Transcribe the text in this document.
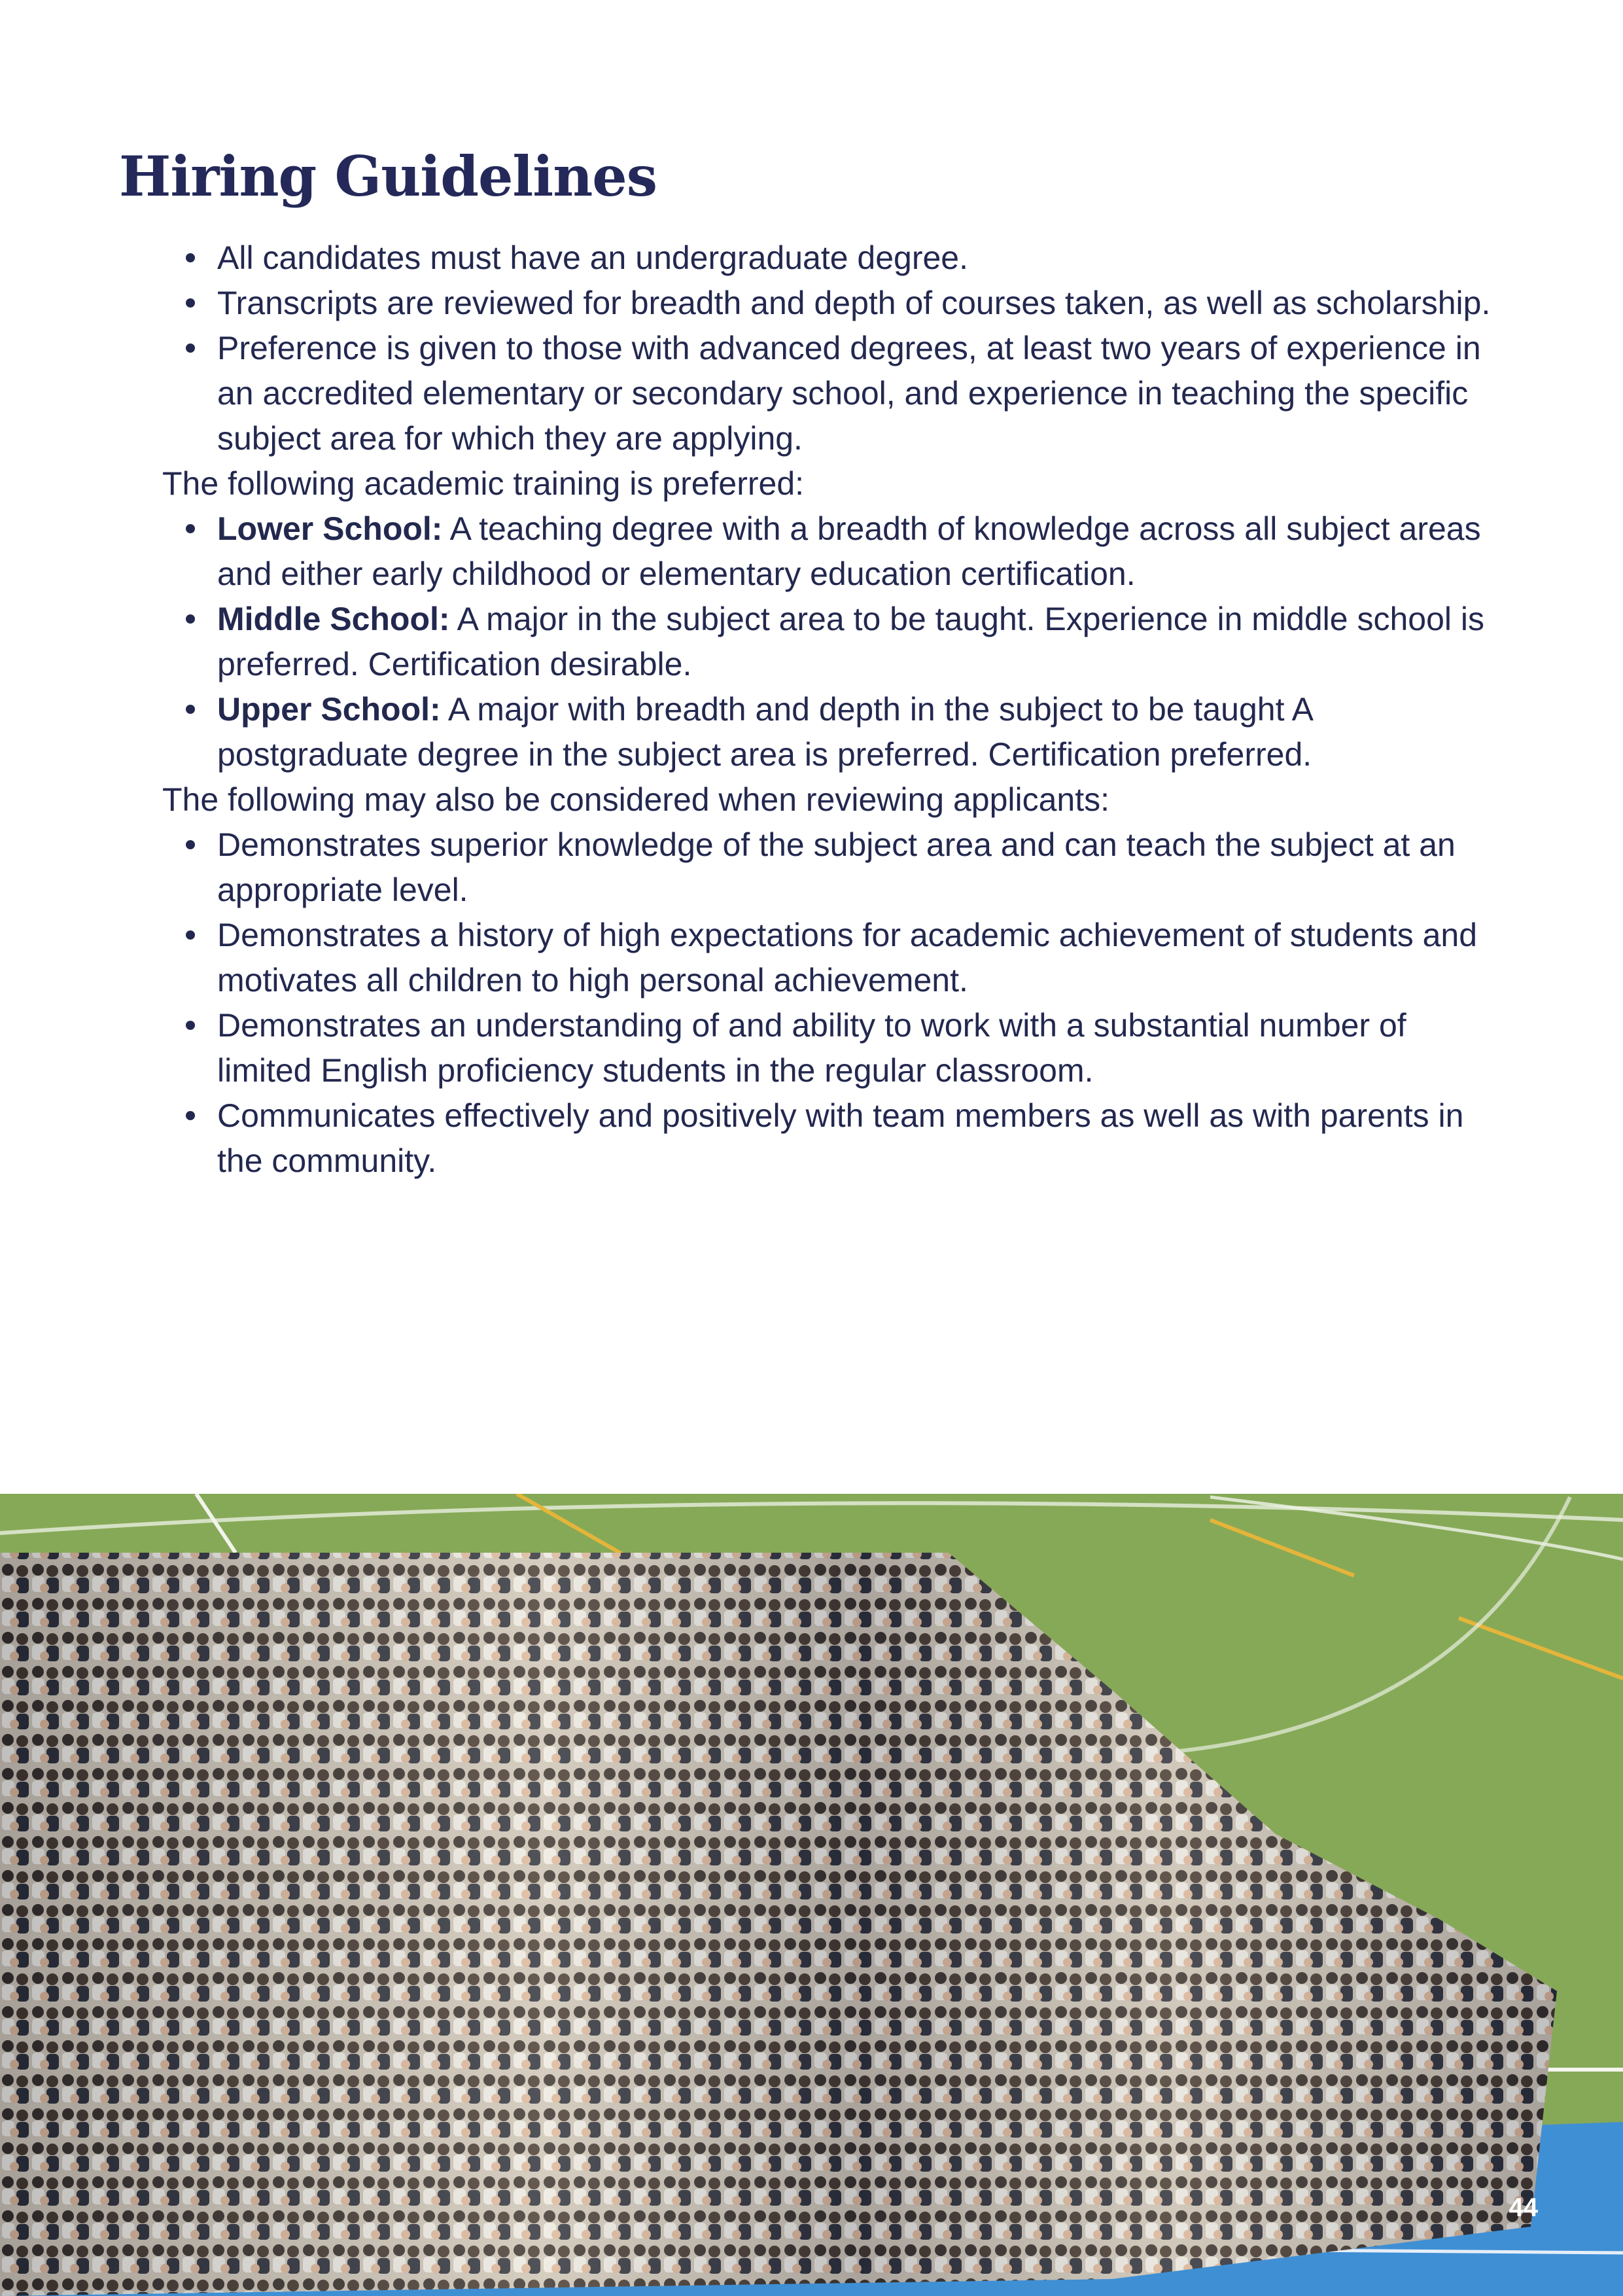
Hiring Guidelines
All candidates must have an undergraduate degree.
Transcripts are reviewed for breadth and depth of courses taken, as well as scholarship.
Preference is given to those with advanced degrees, at least two years of experience in an accredited elementary or secondary school, and experience in teaching the specific subject area for which they are applying.

The following academic training is preferred:

Lower School: A teaching degree with a breadth of knowledge across all subject areas and either early childhood or elementary education certification.
Middle School: A major in the subject area to be taught. Experience in middle school is preferred. Certification desirable.
Upper School: A major with breadth and depth in the subject to be taught A postgraduate degree in the subject area is preferred. Certification preferred.

The following may also be considered when reviewing applicants:

Demonstrates superior knowledge of the subject area and can teach the subject at an appropriate level.
Demonstrates a history of high expectations for academic achievement of students and motivates all children to high personal achievement.
Demonstrates an understanding of and ability to work with a substantial number of limited English proficiency students in the regular classroom.
Communicates effectively and positively with team members as well as with parents in the community.
44
